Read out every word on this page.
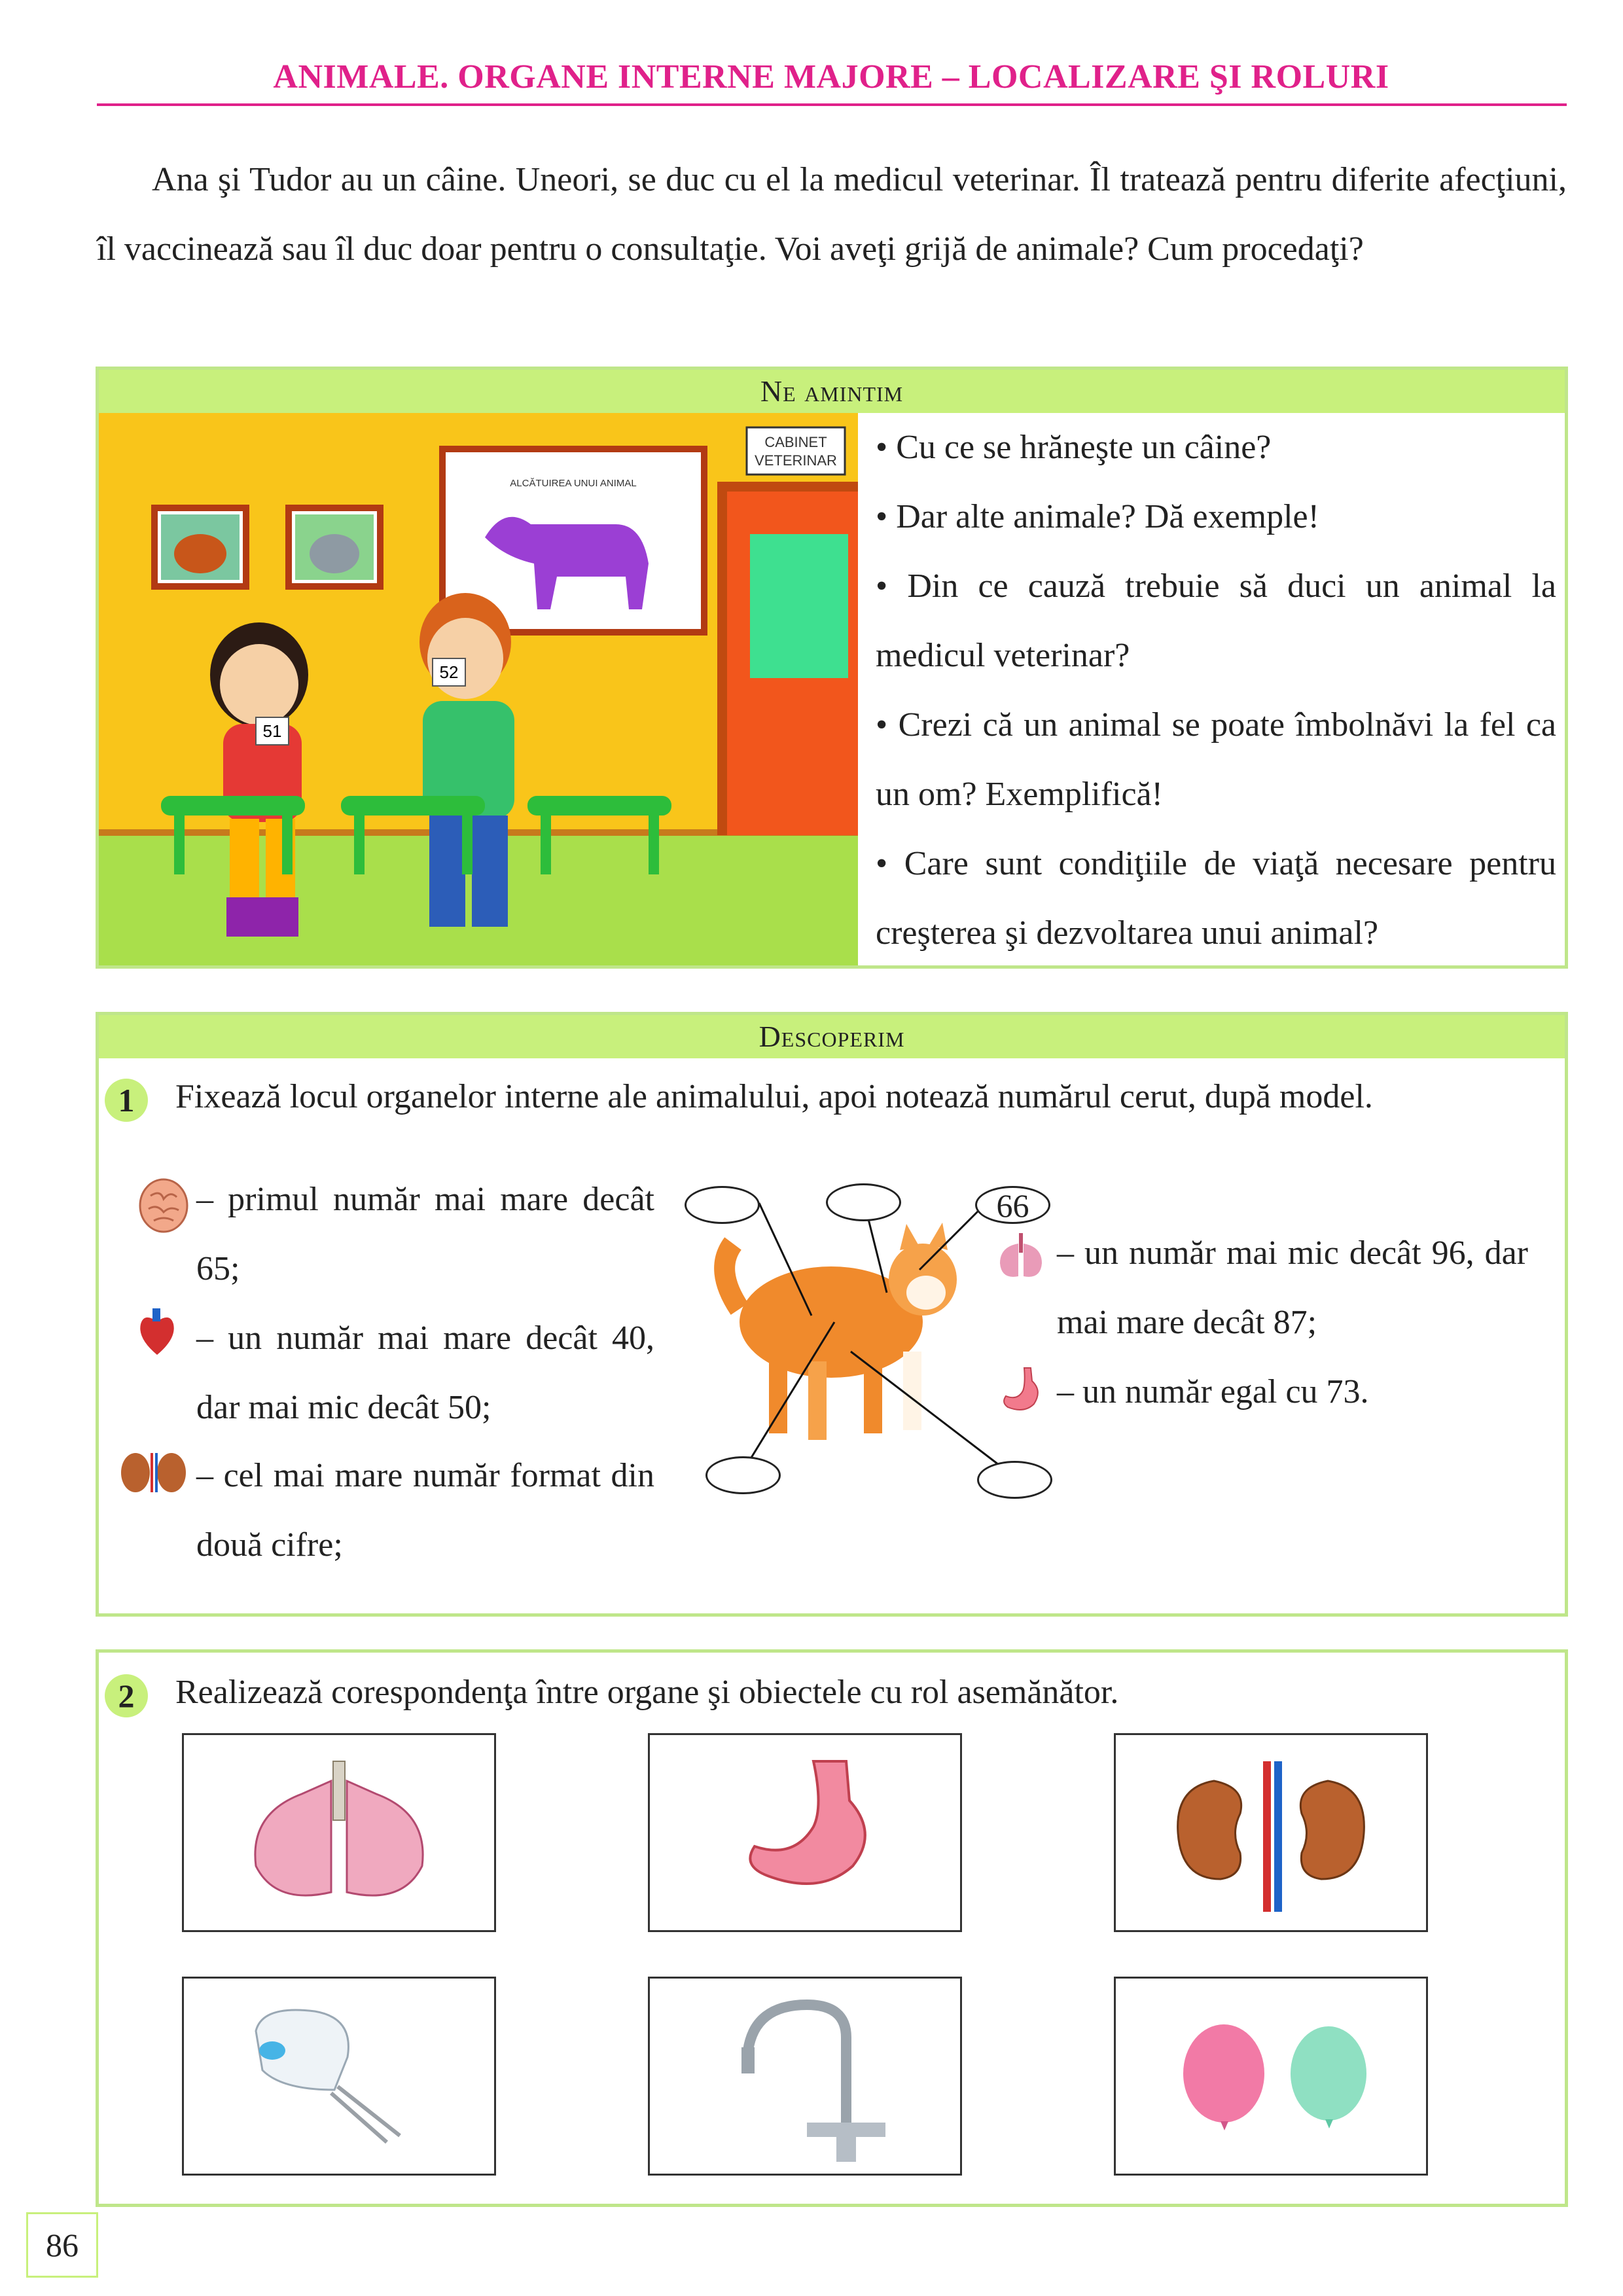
ANIMALE. ORGANE INTERNE MAJORE – LOCALIZARE ŞI ROLURI

Ana şi Tudor au un câine. Uneori, se duc cu el la medicul veterinar. Îl tratează pentru diferite afecţiuni, îl vaccinează sau îl duc doar pentru o consultaţie. Voi aveţi grijă de animale? Cum procedaţi?

Ne amintim
CABINET
VETERINAR
ALCĂTUIREA UNUI ANIMAL
51
52
• Cu ce se hrăneşte un câine?
• Dar alte animale? Dă exemple!
• Din ce cauză trebuie să duci un animal la medicul veterinar?
• Crezi că un animal se poate îmbolnăvi la fel ca un om? Exemplifică!
• Care sunt condiţiile de viaţă necesare pentru creşterea şi dezvoltarea unui animal?
Descoperim
1	Fixează locul organelor interne ale animalului, apoi notează numărul cerut, după model.
– primul număr mai mare decât 65;
– un număr mai mare decât 40, dar mai mic decât 50;
– cel mai mare număr format din două cifre;
66
– un număr mai mic decât 96, dar mai mare decât 87;
– un număr egal cu 73.
2	Realizează corespondenţa între organe şi obiectele cu rol asemănător.
86
